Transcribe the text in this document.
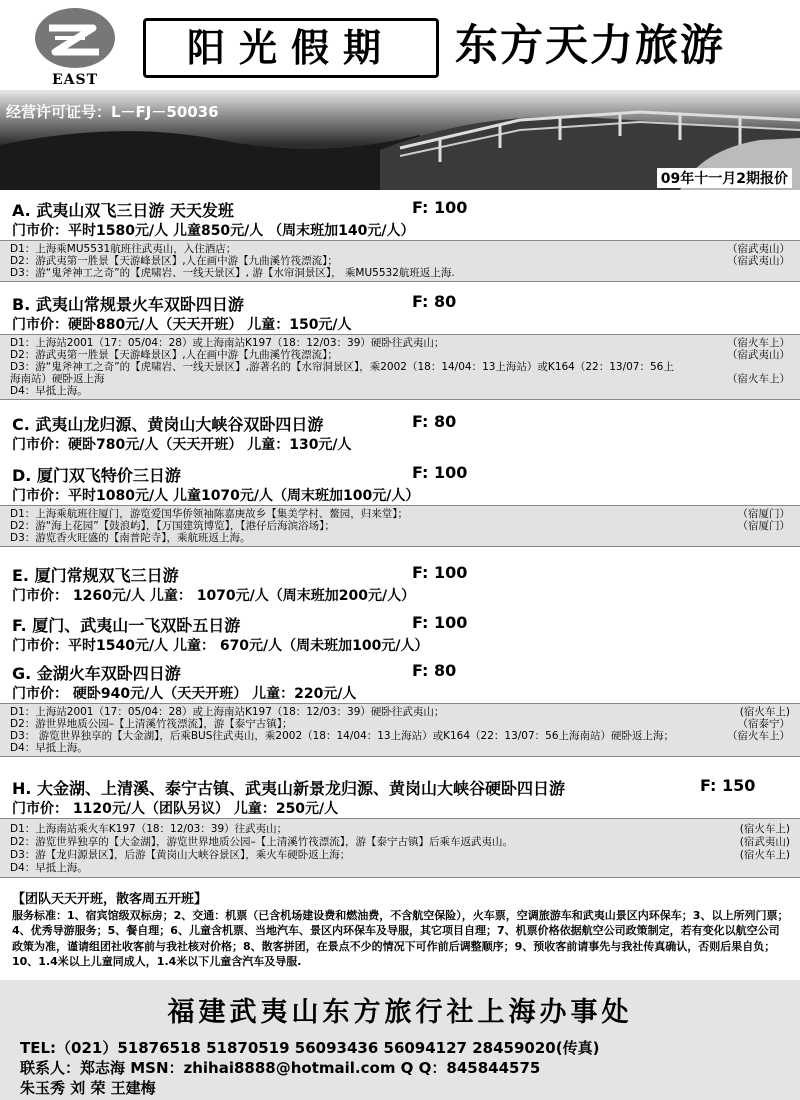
EAST
阳光假期	东方天力旅游
经营许可证号：L－FJ－50036
09年十一月2期报价
A. 武夷山双飞三日游 天天发班	F: 100
门市价：平时1580元/人 儿童850元/人 （周末班加140元/人）
D1：上海乘MU5531航班往武夷山，入住酒店；	（宿武夷山）
D2：游武夷第一胜景【天游峰景区】,人在画中游【九曲溪竹筏漂流】；	（宿武夷山）
D3：游“鬼斧神工之奇”的【虎啸岩、一线天景区】, 游【水帘洞景区】， 乘MU5532航班返上海.
B. 武夷山常规景火车双卧四日游	F: 80
门市价：硬卧880元/人（天天开班） 儿童：150元/人
D1：上海站2001（17：05/04：28）或上海南站K197（18：12/03：39）硬卧往武夷山；	（宿火车上）
D2：游武夷第一胜景【天游峰景区】,人在画中游【九曲溪竹筏漂流】；	（宿武夷山）
D3：游“鬼斧神工之奇”的【虎啸岩、一线天景区】,游著名的【水帘洞景区】，乘2002（18：14/04：13上海站）或K164（22：13/07：56上
海南站）硬卧返上海	（宿火车上）
D4：早抵上海。
C. 武夷山龙归源、黄岗山大峡谷双卧四日游	F: 80
门市价：硬卧780元/人（天天开班） 儿童：130元/人
D. 厦门双飞特价三日游	F: 100
门市价：平时1080元/人 儿童1070元/人（周末班加100元/人）
D1：上海乘航班往厦门，游览爱国华侨领袖陈嘉庚故乡【集美学村、鳌园，归来堂】；	（宿厦门）
D2：游“海上花园”【鼓浪屿】，【万国建筑博览】，【港仔后海滨浴场】；	（宿厦门）
D3：游览香火旺盛的【南普陀寺】，乘航班返上海。
E. 厦门常规双飞三日游	F: 100
门市价： 1260元/人 儿童： 1070元/人（周末班加200元/人）
F. 厦门、武夷山一飞双卧五日游	F: 100
门市价：平时1540元/人 儿童： 670元/人（周未班加100元/人）
G. 金湖火车双卧四日游	F: 80
门市价： 硬卧940元/人（天天开班） 儿童：220元/人
D1：上海站2001（17：05/04：28）或上海南站K197（18：12/03：39）硬卧往武夷山；	(宿火车上)
D2：游世界地质公园–【上清溪竹筏漂流】，游【泰宁古镇】；	（宿泰宁）
D3： 游览世界独享的【大金湖】，后乘BUS往武夷山，乘2002（18：14/04：13上海站）或K164（22：13/07：56上海南站）硬卧返上海；	（宿火车上）
D4：早抵上海。
H. 大金湖、上清溪、泰宁古镇、武夷山新景龙归源、黄岗山大峡谷硬卧四日游	F: 150
门市价： 1120元/人（团队另议） 儿童：250元/人
D1：上海南站乘火车K197（18：12/03：39）往武夷山；	(宿火车上)
D2：游览世界独享的【大金湖】，游览世界地质公园–【上清溪竹筏漂流】，游【泰宁古镇】后乘车返武夷山。	(宿武夷山)
D3：游【龙归源景区】，后游【黄岗山大峡谷景区】，乘火车硬卧返上海；	(宿火车上)
D4：早抵上海。
【团队天天开班，散客周五开班】

服务标准：1、宿宾馆级双标房；2、交通：机票（已含机场建设费和燃油费，不含航空保险），火车票，空调旅游车和武夷山景区内环保车；3、以上所列门票；4、优秀导游服务；5、餐自理；6、儿童含机票、当地汽车、景区内环保车及导服，其它项目自理；7、机票价格依据航空公司政策制定，若有变化以航空公司政策为准，谨请组团社收客前与我社核对价格；8、散客拼团，在景点不少的情况下可作前后调整顺序；9、预收客前请事先与我社传真确认，否则后果自负；10、1.4米以上儿童同成人，1.4米以下儿童含汽车及导服.

福建武夷山东方旅行社上海办事处
TEL:（021）51876518 51870519 56093436 56094127 28459020(传真)
联系人：郑志海 MSN：zhihai8888@hotmail.com Q Q：845844575
朱玉秀 刘 荣 王建梅
